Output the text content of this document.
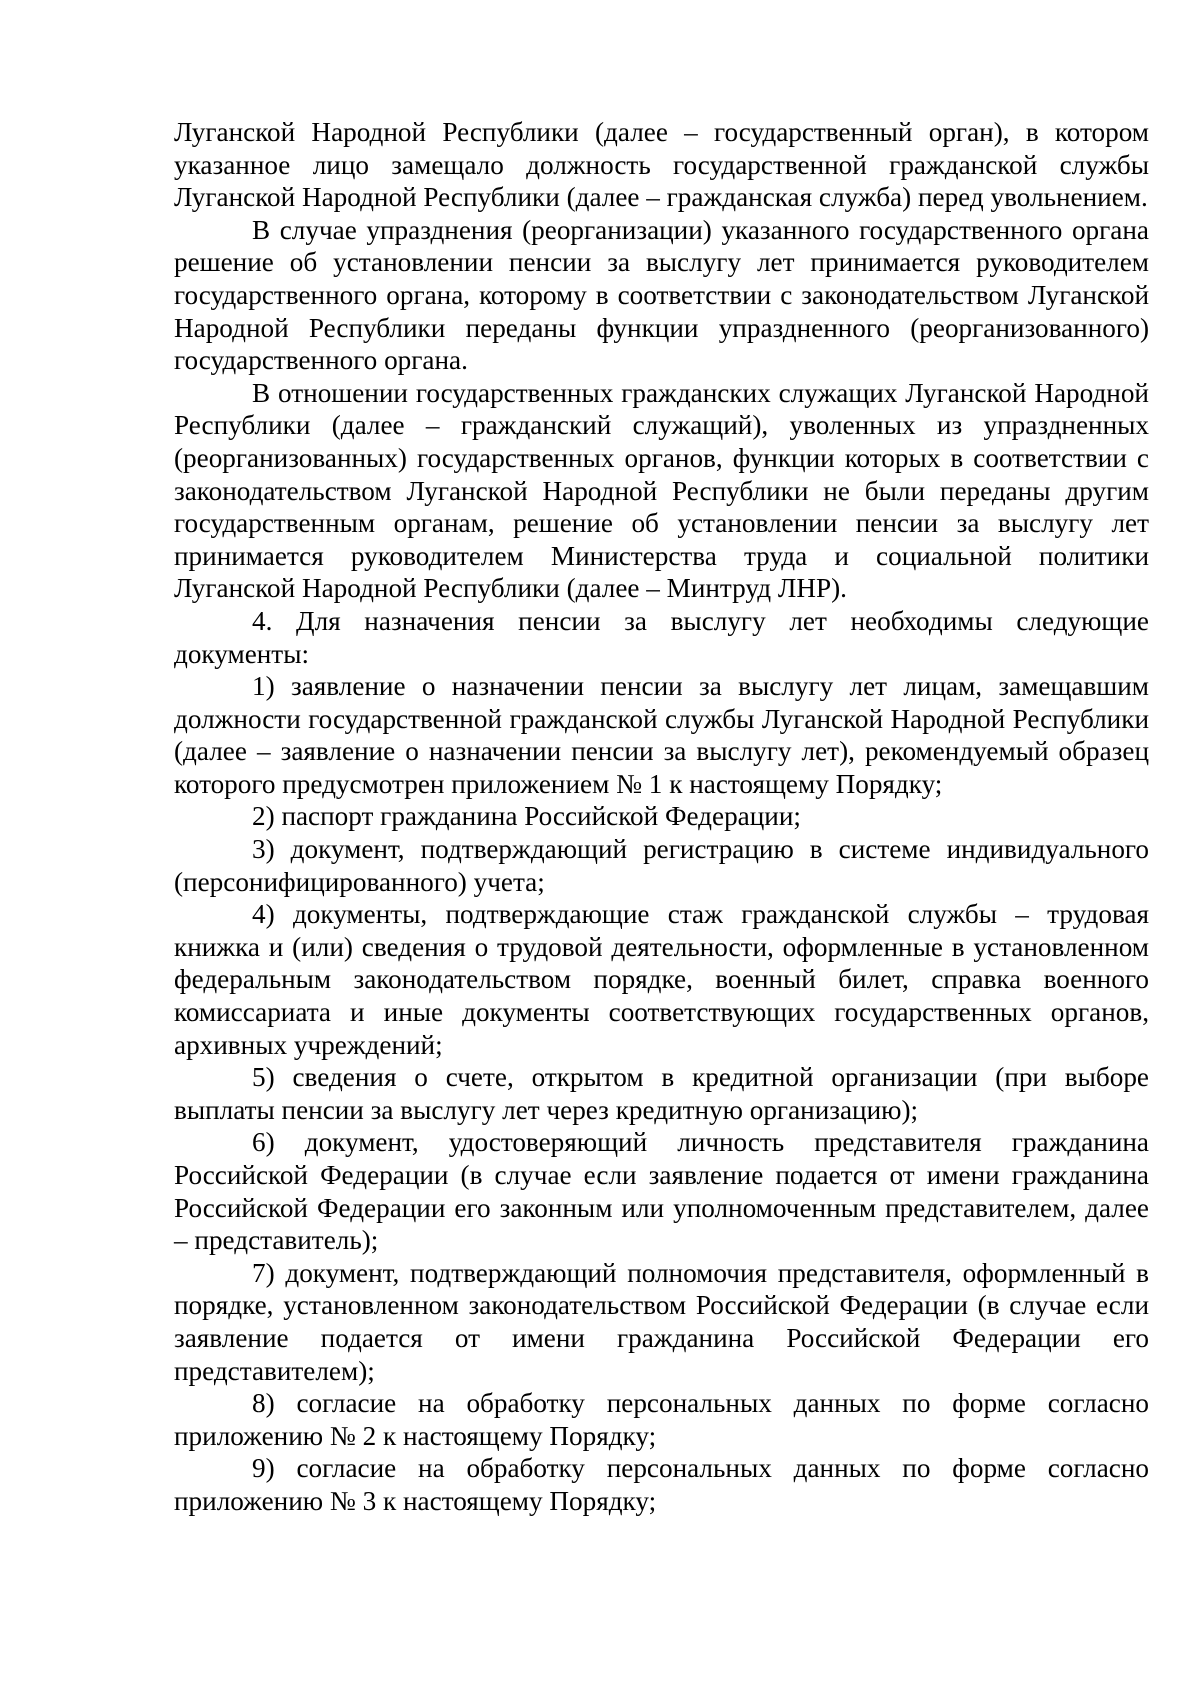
Луганской Народной Республики (далее – государственный орган), в котором указанное лицо замещало должность государственной гражданской службы Луганской Народной Республики (далее – гражданская служба) перед увольнением.

В случае упразднения (реорганизации) указанного государственного органа решение об установлении пенсии за выслугу лет принимается руководителем государственного органа, которому в соответствии с законодательством Луганской Народной Республики переданы функции упраздненного (реорганизованного) государственного органа.

В отношении государственных гражданских служащих Луганской Народной Республики (далее – гражданский служащий), уволенных из упраздненных (реорганизованных) государственных органов, функции которых в соответствии с законодательством Луганской Народной Республики не были переданы другим государственным органам, решение об установлении пенсии за выслугу лет принимается руководителем Министерства труда и социальной политики Луганской Народной Республики (далее – Минтруд ЛНР).

4. Для назначения пенсии за выслугу лет необходимы следующие документы:

1) заявление о назначении пенсии за выслугу лет лицам, замещавшим должности государственной гражданской службы Луганской Народной Республики (далее – заявление о назначении пенсии за выслугу лет), рекомендуемый образец которого предусмотрен приложением № 1 к настоящему Порядку;

2) паспорт гражданина Российской Федерации;

3) документ, подтверждающий регистрацию в системе индивидуального (персонифицированного) учета;

4) документы, подтверждающие стаж гражданской службы – трудовая книжка и (или) сведения о трудовой деятельности, оформленные в установленном федеральным законодательством порядке, военный билет, справка военного комиссариата и иные документы соответствующих государственных органов, архивных учреждений;

5) сведения о счете, открытом в кредитной организации (при выборе выплаты пенсии за выслугу лет через кредитную организацию);

6) документ, удостоверяющий личность представителя гражданина Российской Федерации (в случае если заявление подается от имени гражданина Российской Федерации его законным или уполномоченным представителем, далее – представитель);

7) документ, подтверждающий полномочия представителя, оформленный в порядке, установленном законодательством Российской Федерации (в случае если заявление подается от имени гражданина Российской Федерации его представителем);

8) согласие на обработку персональных данных по форме согласно приложению № 2 к настоящему Порядку;

9) согласие на обработку персональных данных по форме согласно приложению № 3 к настоящему Порядку;
